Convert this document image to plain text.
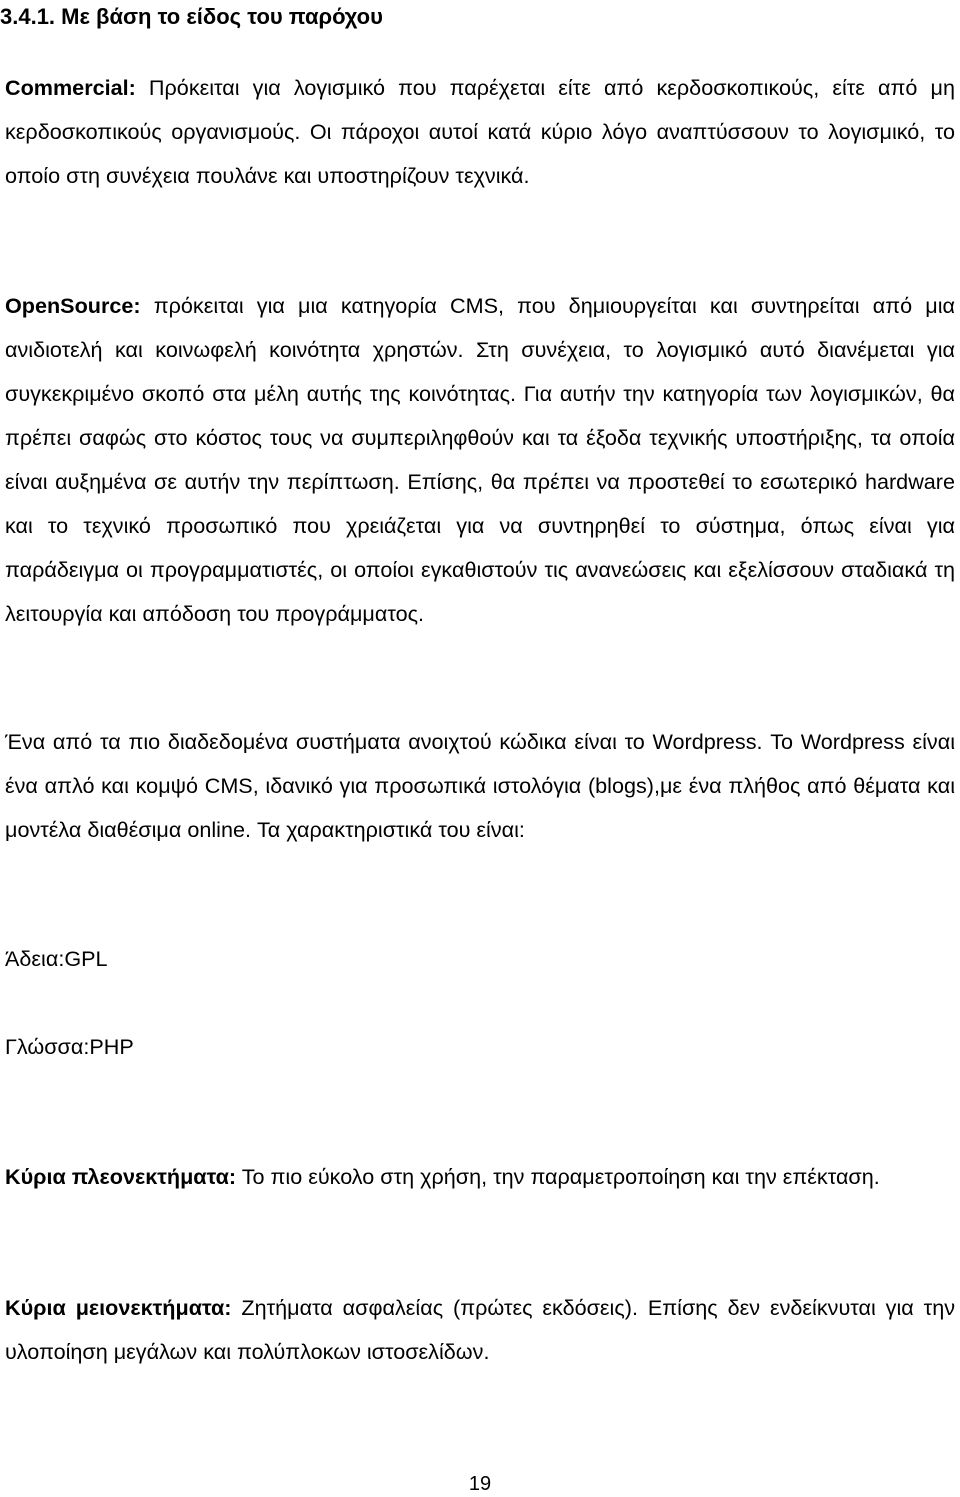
3.4.1. Με βάση το είδος του παρόχου

Commercial: Πρόκειται για λογισμικό που παρέχεται είτε από κερδοσκοπικούς, είτε από μη κερδοσκοπικούς οργανισμούς. Οι πάροχοι αυτοί κατά κύριο λόγο αναπτύσσουν το λογισμικό, το οποίο στη συνέχεια πουλάνε και υποστηρίζουν τεχνικά.

OpenSource: πρόκειται για μια κατηγορία CMS, που δημιουργείται και συντηρείται από μια ανιδιοτελή και κοινωφελή κοινότητα χρηστών. Στη συνέχεια, το λογισμικό αυτό διανέμεται για συγκεκριμένο σκοπό στα μέλη αυτής της κοινότητας. Για αυτήν την κατηγορία των λογισμικών, θα πρέπει σαφώς στο κόστος τους να συμπεριληφθούν και τα έξοδα τεχνικής υποστήριξης, τα οποία είναι αυξημένα σε αυτήν την περίπτωση. Επίσης, θα πρέπει να προστεθεί το εσωτερικό hardware και το τεχνικό προσωπικό που χρειάζεται για να συντηρηθεί το σύστημα, όπως είναι για παράδειγμα οι προγραμματιστές, οι οποίοι εγκαθιστούν τις ανανεώσεις και εξελίσσουν σταδιακά τη λειτουργία και απόδοση του προγράμματος.

Ένα από τα πιο διαδεδομένα συστήματα ανοιχτού κώδικα είναι το Wordpress. Το Wordpress είναι ένα απλό και κομψό CMS, ιδανικό για προσωπικά ιστολόγια (blogs),με ένα πλήθος από θέματα και μοντέλα διαθέσιμα online. Τα χαρακτηριστικά του είναι:

Άδεια:GPL

Γλώσσα:PHP

Κύρια πλεονεκτήματα: Το πιο εύκολο στη χρήση, την παραμετροποίηση και την επέκταση.

Κύρια μειονεκτήματα: Ζητήματα ασφαλείας (πρώτες εκδόσεις). Επίσης δεν ενδείκνυται για την υλοποίηση μεγάλων και πολύπλοκων ιστοσελίδων.

19
